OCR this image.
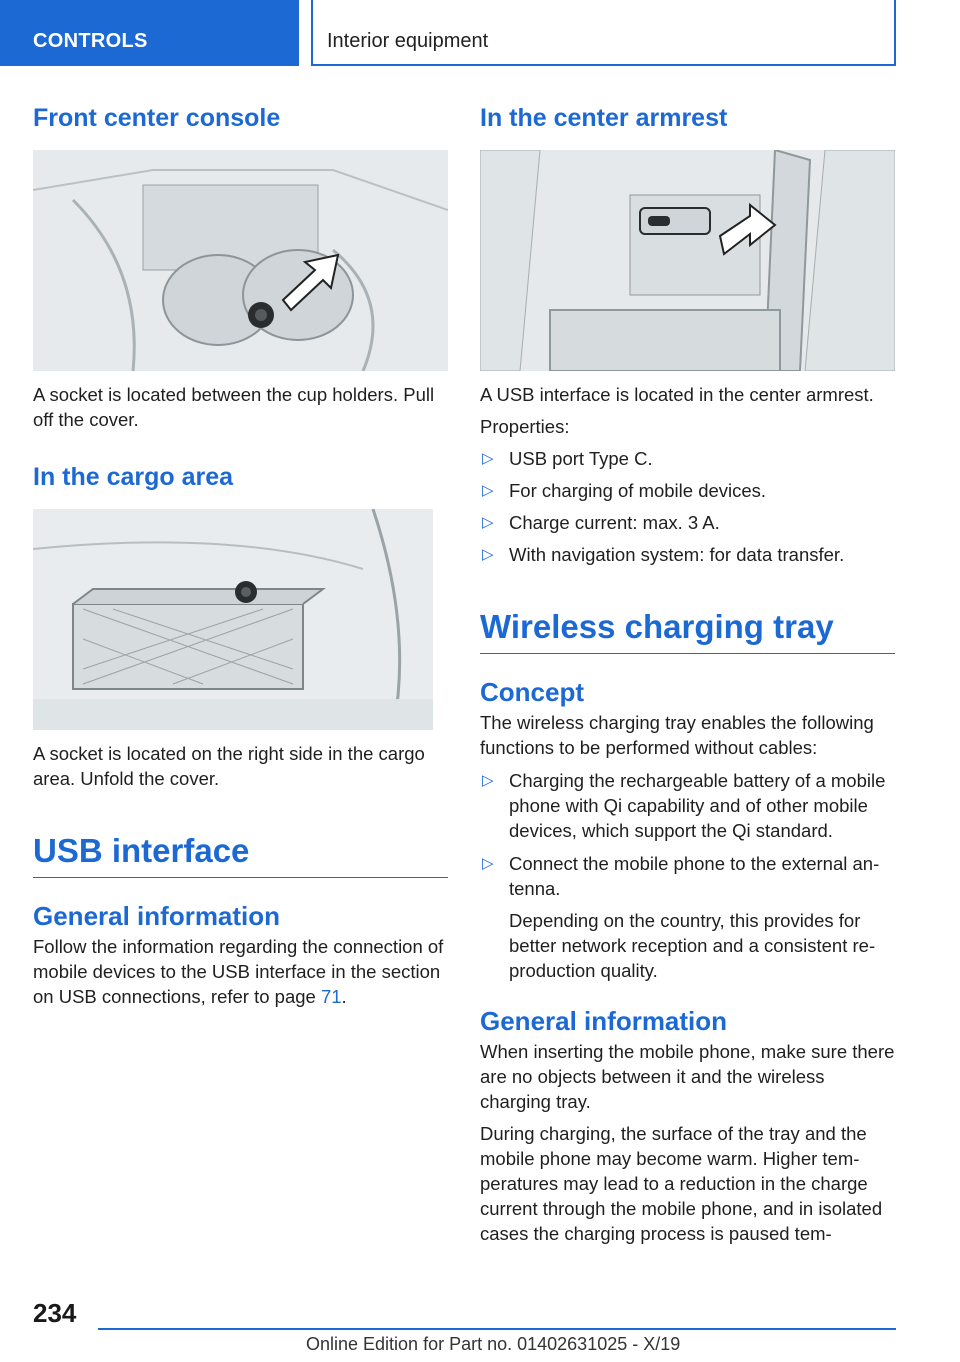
CONTROLS	Interior equipment
Front center console
A socket is located between the cup holders. Pull off the cover.
In the cargo area
A socket is located on the right side in the cargo area. Unfold the cover.
USB interface
General information
Follow the information regarding the connection of mobile devices to the USB interface in the section on USB connections, refer to page 71.
In the center armrest
A USB interface is located in the center armrest.
Properties:
▷ USB port Type C.
▷ For charging of mobile devices.
▷ Charge current: max. 3 A.
▷ With navigation system: for data transfer.
Wireless charging tray
Concept
The wireless charging tray enables the following functions to be performed without cables:
▷ Charging the rechargeable battery of a mobile phone with Qi capability and of other mobile devices, which support the Qi standard.
▷ Connect the mobile phone to the external antenna.
Depending on the country, this provides for better network reception and a consistent reproduction quality.
General information
When inserting the mobile phone, make sure there are no objects between it and the wireless charging tray.
During charging, the surface of the tray and the mobile phone may become warm. Higher temperatures may lead to a reduction in the charge current through the mobile phone, and in isolated cases the charging process is paused tem-
234
Online Edition for Part no. 01402631025 - X/19
